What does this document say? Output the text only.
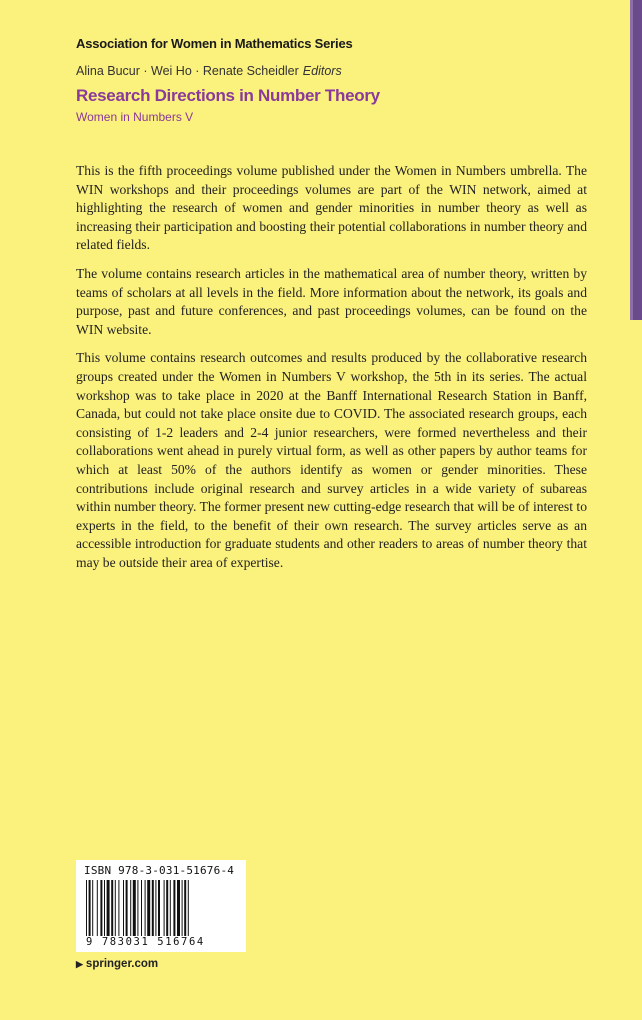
Association for Women in Mathematics Series
Alina Bucur · Wei Ho · Renate Scheidler Editors
Research Directions in Number Theory
Women in Numbers V

This is the fifth proceedings volume published under the Women in Numbers umbrella. The WIN workshops and their proceedings volumes are part of the WIN network, aimed at highlighting the research of women and gender minorities in number theory as well as increasing their participation and boosting their potential collaborations in number theory and related fields.

The volume contains research articles in the mathematical area of number theory, written by teams of scholars at all levels in the field. More information about the network, its goals and purpose, past and future conferences, and past proceedings volumes, can be found on the WIN website.

This volume contains research outcomes and results produced by the collaborative research groups created under the Women in Numbers V workshop, the 5th in its series. The actual workshop was to take place in 2020 at the Banff International Research Station in Banff, Canada, but could not take place onsite due to COVID. The associated research groups, each consisting of 1-2 leaders and 2-4 junior researchers, were formed nevertheless and their collaborations went ahead in purely virtual form, as well as other papers by author teams for which at least 50% of the authors identify as women or gender minorities. These contributions include original research and survey articles in a wide variety of subareas within number theory. The former present new cutting-edge research that will be of interest to experts in the field, to the benefit of their own research. The survey articles serve as an accessible introduction for graduate students and other readers to areas of number theory that may be outside their area of expertise.

ISBN 978-3-031-51676-4
9 783031 516764
▶ springer.com
